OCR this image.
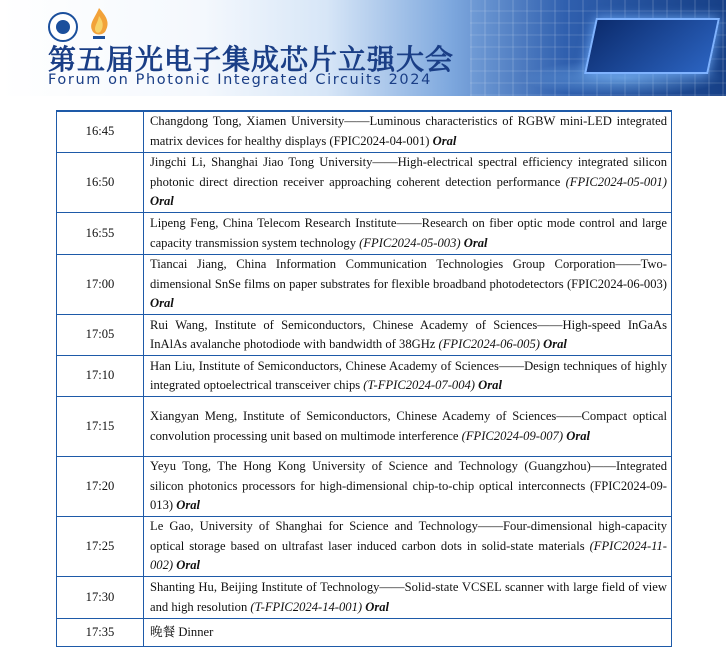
第五届光电子集成芯片立强大会
Forum on Photonic Integrated Circuits 2024
16:45	Changdong Tong, Xiamen University——Luminous characteristics of RGBW mini-LED integrated matrix devices for healthy displays (FPIC2024-04-001) Oral
16:50	Jingchi Li, Shanghai Jiao Tong University——High-electrical spectral efficiency integrated silicon photonic direct direction receiver approaching coherent detection performance (FPIC2024-05-001) Oral
16:55	Lipeng Feng, China Telecom Research Institute——Research on fiber optic mode control and large capacity transmission system technology (FPIC2024-05-003) Oral
17:00	Tiancai Jiang, China Information Communication Technologies Group Corporation——Two-dimensional SnSe films on paper substrates for flexible broadband photodetectors (FPIC2024-06-003) Oral
17:05	Rui Wang, Institute of Semiconductors, Chinese Academy of Sciences——High-speed InGaAs InAlAs avalanche photodiode with bandwidth of 38GHz (FPIC2024-06-005) Oral
17:10	Han Liu, Institute of Semiconductors, Chinese Academy of Sciences——Design techniques of highly integrated optoelectrical transceiver chips (T-FPIC2024-07-004) Oral
17:15	Xiangyan Meng, Institute of Semiconductors, Chinese Academy of Sciences——Compact optical convolution processing unit based on multimode interference (FPIC2024-09-007) Oral
17:20	Yeyu Tong, The Hong Kong University of Science and Technology (Guangzhou)——Integrated silicon photonics processors for high-dimensional chip-to-chip optical interconnects (FPIC2024-09-013) Oral
17:25	Le Gao, University of Shanghai for Science and Technology——Four-dimensional high-capacity optical storage based on ultrafast laser induced carbon dots in solid-state materials (FPIC2024-11-002) Oral
17:30	Shanting Hu, Beijing Institute of Technology——Solid-state VCSEL scanner with large field of view and high resolution (T-FPIC2024-14-001) Oral
17:35	晚餐 Dinner
